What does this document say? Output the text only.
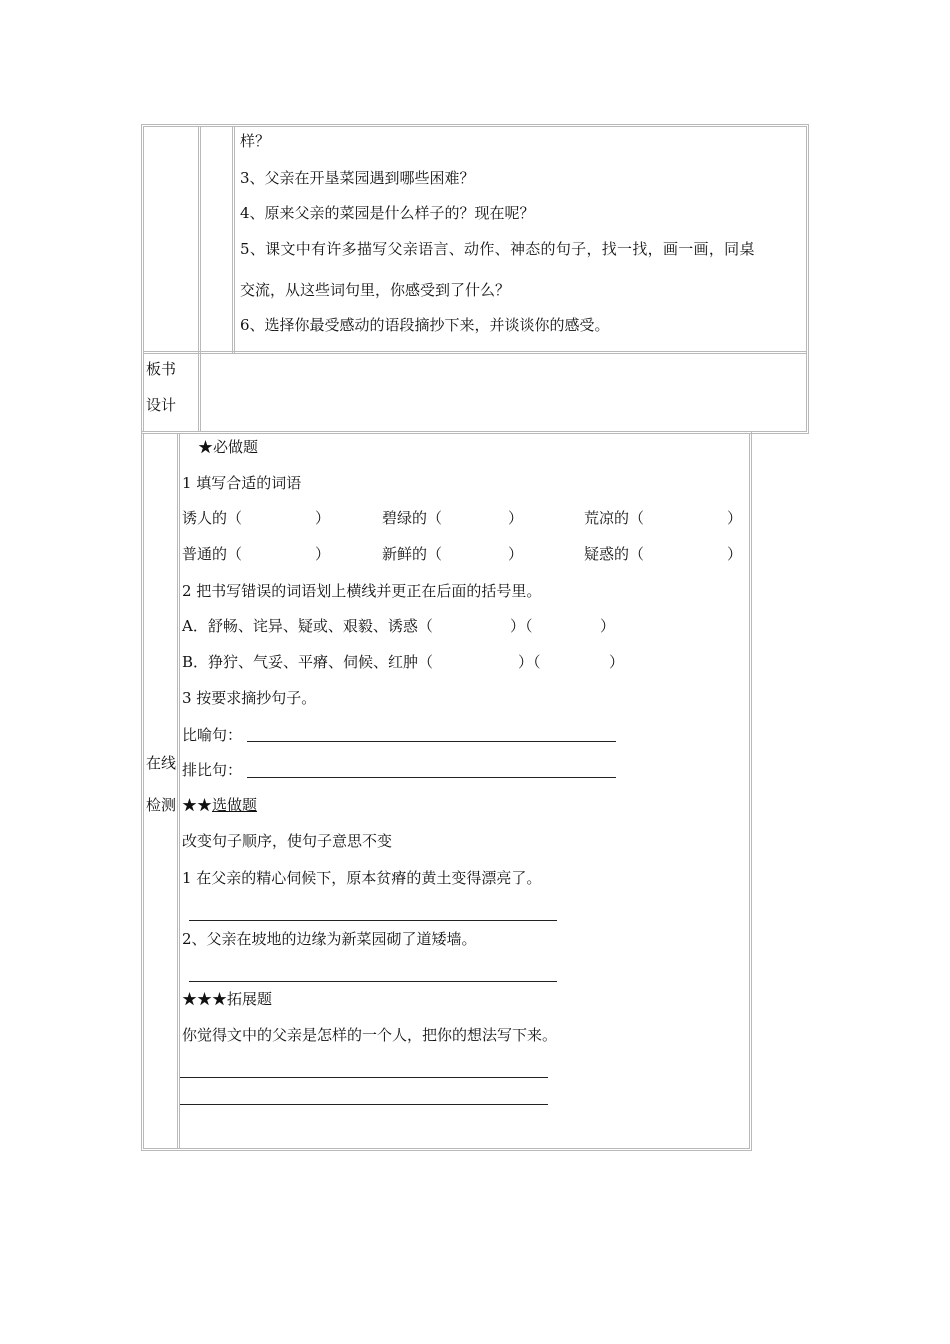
样？
3、父亲在开垦菜园遇到哪些困难？
4、原来父亲的菜园是什么样子的？现在呢？
5、课文中有许多描写父亲语言、动作、神态的句子，找一找，画一画，同桌
交流，从这些词句里，你感受到了什么？
6、选择你最受感动的语段摘抄下来，并谈谈你的感受。
板书
设计
在线
检测
★必做题
1 填写合适的词语
诱人的（	）	碧绿的（	）	荒凉的（	）
普通的（	）	新鲜的（	）	疑惑的（	）
2 把书写错误的词语划上横线并更正在后面的括号里。
A．舒畅、诧异、疑或、艰毅、诱惑（	）（	）
B．狰狞、气妥、平瘠、伺候、红肿（	）（	）
3 按要求摘抄句子。
比喻句：
排比句：
★★选做题
改变句子顺序，使句子意思不变
1 在父亲的精心伺候下，原本贫瘠的黄土变得漂亮了。
2、父亲在坡地的边缘为新菜园砌了道矮墙。
★★★拓展题
你觉得文中的父亲是怎样的一个人，把你的想法写下来。
